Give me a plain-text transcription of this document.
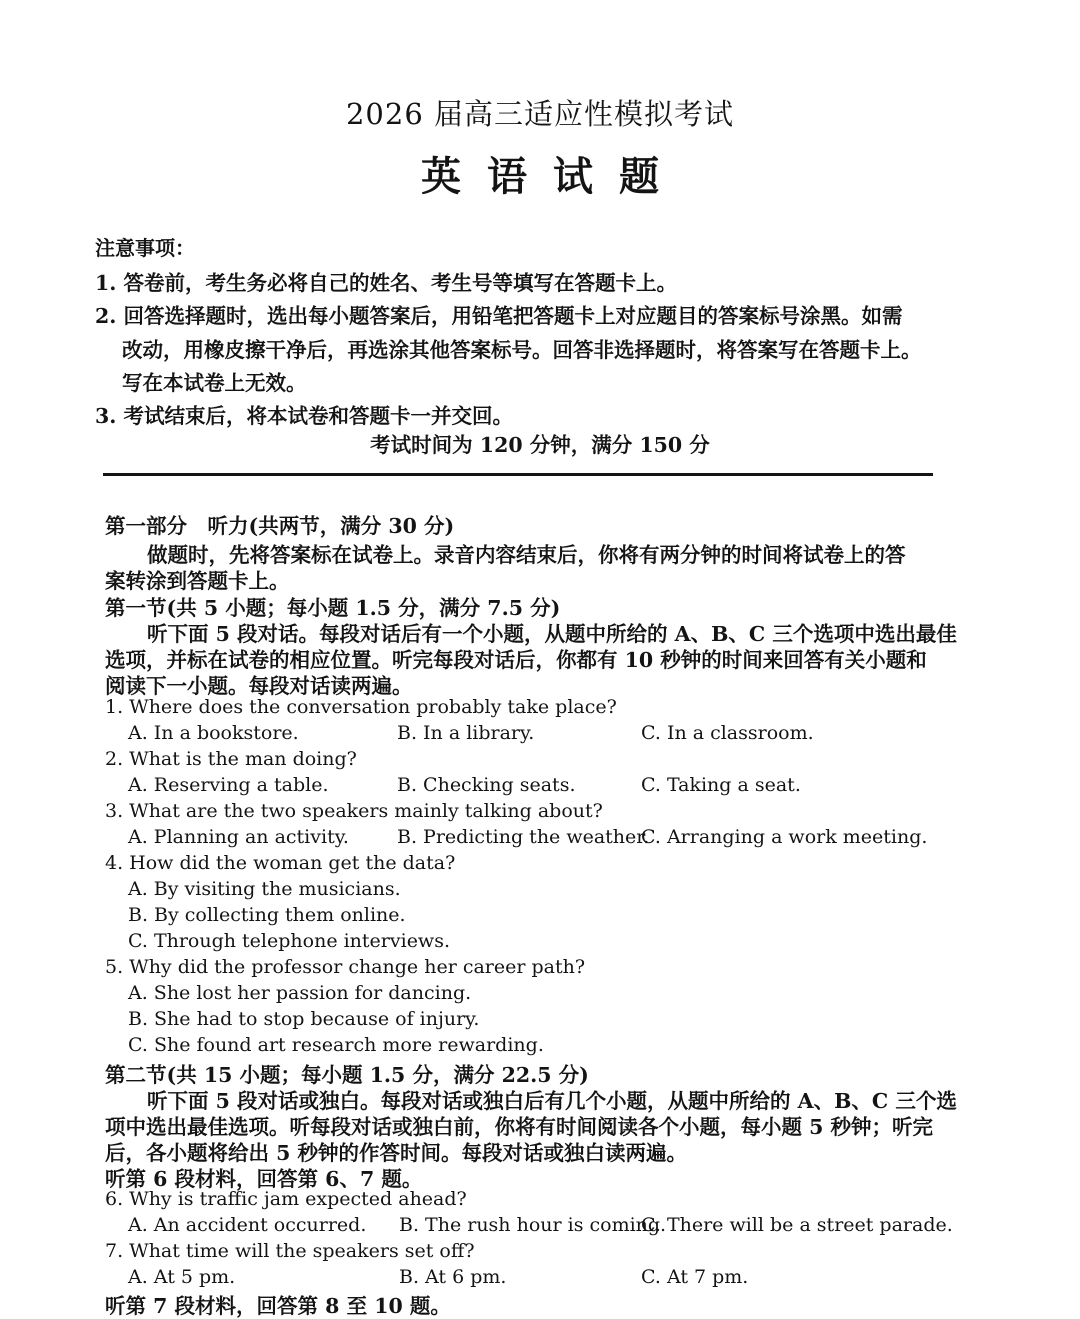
2026 届高三适应性模拟考试
英语试题
注意事项：
1. 答卷前，考生务必将自己的姓名、考生号等填写在答题卡上。
2. 回答选择题时，选出每小题答案后，用铅笔把答题卡上对应题目的答案标号涂黑。如需
改动，用橡皮擦干净后，再选涂其他答案标号。回答非选择题时，将答案写在答题卡上。
写在本试卷上无效。
3. 考试结束后，将本试卷和答题卡一并交回。
考试时间为 120 分钟，满分 150 分
第一部分　听力(共两节，满分 30 分)
做题时，先将答案标在试卷上。录音内容结束后，你将有两分钟的时间将试卷上的答
案转涂到答题卡上。
第一节(共 5 小题；每小题 1.5 分，满分 7.5 分)
听下面 5 段对话。每段对话后有一个小题，从题中所给的 A、B、C 三个选项中选出最佳
选项，并标在试卷的相应位置。听完每段对话后，你都有 10 秒钟的时间来回答有关小题和
阅读下一小题。每段对话读两遍。
1. Where does the conversation probably take place?
A. In a bookstore.	B. In a library.	C. In a classroom.
2. What is the man doing?
A. Reserving a table.	B. Checking seats.	C. Taking a seat.
3. What are the two speakers mainly talking about?
A. Planning an activity.	B. Predicting the weather.
C. Arranging a work meeting.
4. How did the woman get the data?
A. By visiting the musicians.
B. By collecting them online.
C. Through telephone interviews.
5. Why did the professor change her career path?
A. She lost her passion for dancing.
B. She had to stop because of injury.
C. She found art research more rewarding.
第二节(共 15 小题；每小题 1.5 分，满分 22.5 分)
听下面 5 段对话或独白。每段对话或独白后有几个小题，从题中所给的 A、B、C 三个选
项中选出最佳选项。听每段对话或独白前，你将有时间阅读各个小题，每小题 5 秒钟；听完
后，各小题将给出 5 秒钟的作答时间。每段对话或独白读两遍。
听第 6 段材料，回答第 6、7 题。
6. Why is traffic jam expected ahead?
A. An accident occurred. B. The rush hour is coming.
C. There will be a street parade.
7. What time will the speakers set off?
A. At 5 pm.	B. At 6 pm.	C. At 7 pm.
听第 7 段材料，回答第 8 至 10 题。
